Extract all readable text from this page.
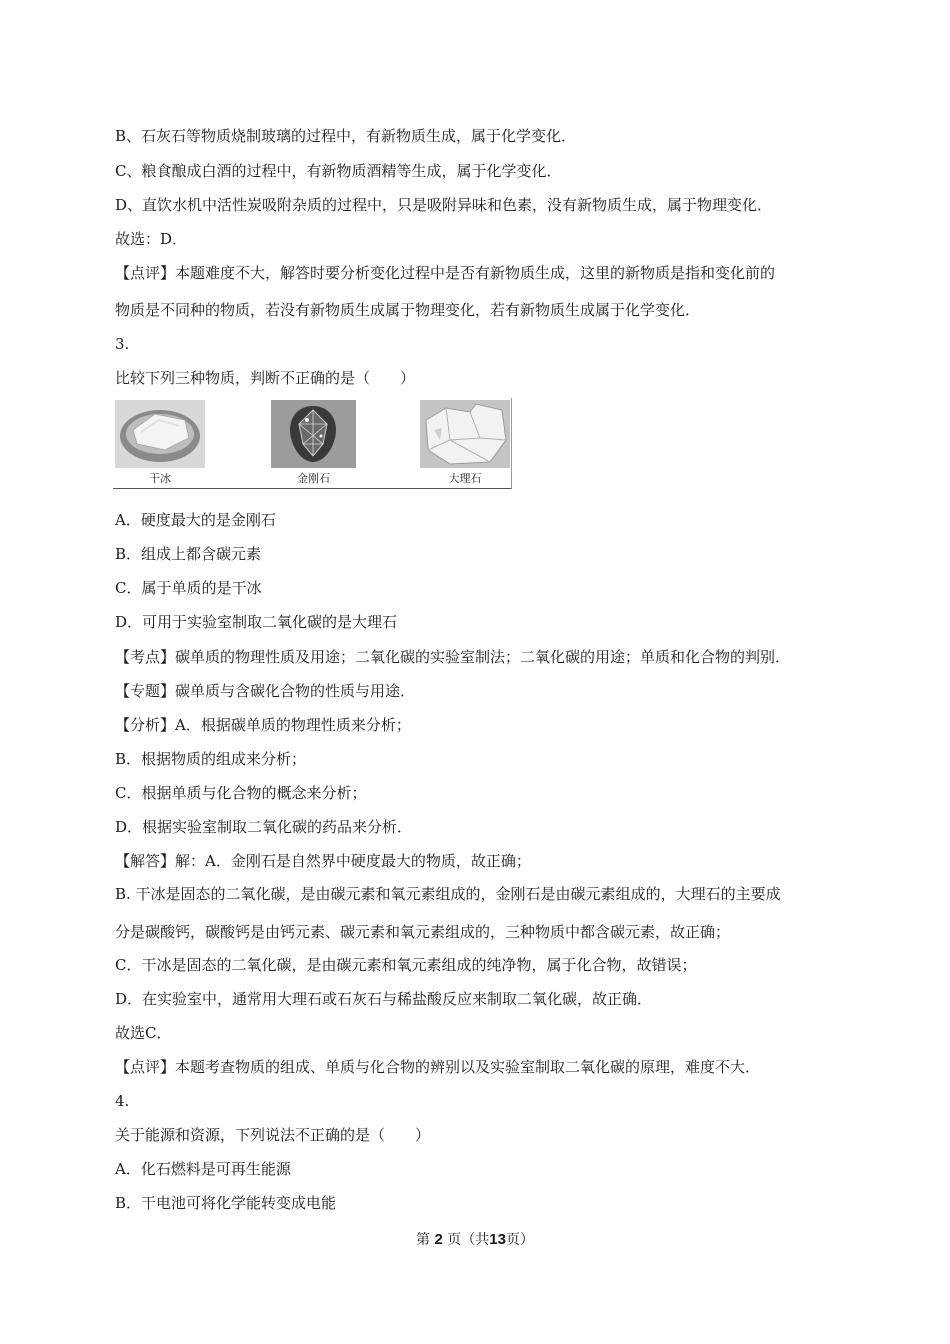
B、石灰石等物质烧制玻璃的过程中，有新物质生成，属于化学变化．
C、粮食酿成白酒的过程中，有新物质酒精等生成，属于化学变化．
D、直饮水机中活性炭吸附杂质的过程中，只是吸附异味和色素，没有新物质生成，属于物理变化．
故选：D．
【点评】本题难度不大，解答时要分析变化过程中是否有新物质生成，这里的新物质是指和变化前的
物质是不同种的物质，若没有新物质生成属于物理变化，若有新物质生成属于化学变化．
3.
比较下列三种物质，判断不正确的是（　　）
干冰	金刚石	大理石
A．硬度最大的是金刚石
B．组成上都含碳元素
C．属于单质的是干冰
D．可用于实验室制取二氧化碳的是大理石
【考点】碳单质的物理性质及用途；二氧化碳的实验室制法；二氧化碳的用途；单质和化合物的判别．
【专题】碳单质与含碳化合物的性质与用途．
【分析】A．根据碳单质的物理性质来分析；
B．根据物质的组成来分析；
C．根据单质与化合物的概念来分析；
D．根据实验室制取二氧化碳的药品来分析．
【解答】解：A．金刚石是自然界中硬度最大的物质，故正确；
B. 干冰是固态的二氧化碳，是由碳元素和氧元素组成的，金刚石是由碳元素组成的，大理石的主要成
分是碳酸钙，碳酸钙是由钙元素、碳元素和氧元素组成的，三种物质中都含碳元素，故正确；
C．干冰是固态的二氧化碳，是由碳元素和氧元素组成的纯净物，属于化合物，故错误；
D．在实验室中，通常用大理石或石灰石与稀盐酸反应来制取二氧化碳，故正确．
故选C．
【点评】本题考查物质的组成、单质与化合物的辨别以及实验室制取二氧化碳的原理，难度不大．
4.
关于能源和资源，下列说法不正确的是（　　）
A．化石燃料是可再生能源
B．干电池可将化学能转变成电能
第 2 页（共13页）
